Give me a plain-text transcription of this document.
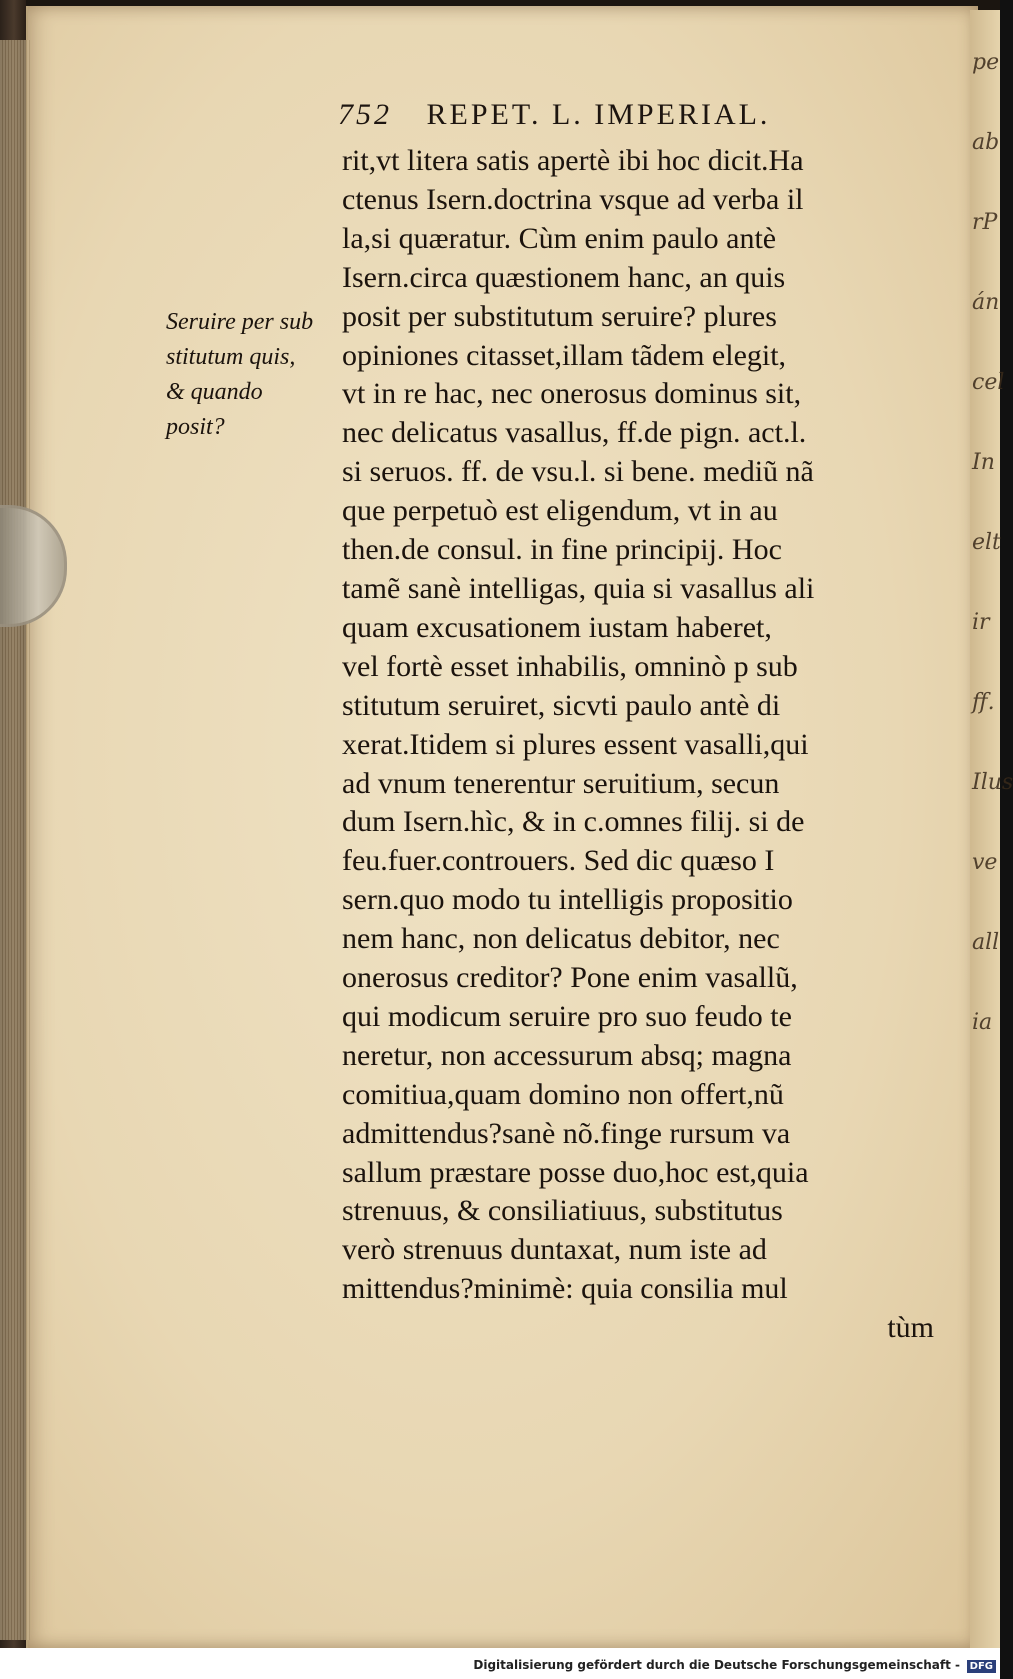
pe
ab
rP
án
cel
In
elt
ir
ff.
Ilus
ve
all
ia
752 REPET. L. IMPERIAL.
Seruire per sub
stitutum quis,
& quando
posit?
rit,vt litera satis apertè ibi hoc dicit.Ha
ctenus Isern.doctrina vsque ad verba il
la,si quæratur. Cùm enim paulo antè
Isern.circa quæstionem hanc, an quis
posit per substitutum seruire? plures
opiniones citasset,illam tãdem elegit,
vt in re hac, nec onerosus dominus sit,
nec delicatus vasallus, ff.de pign. act.l.
si seruos. ff. de vsu.l. si bene. mediũ nã
que perpetuò est eligendum, vt in au
then.de consul. in fine principij. Hoc
tamẽ sanè intelligas, quia si vasallus ali
quam excusationem iustam haberet,
vel fortè esset inhabilis, omninò p sub
stitutum seruiret, sicvti paulo antè di
xerat.Itidem si plures essent vasalli,qui
ad vnum tenerentur seruitium, secun
dum Isern.hìc, & in c.omnes filij. si de
feu.fuer.controuers. Sed dic quæso I
sern.quo modo tu intelligis propositio
nem hanc, non delicatus debitor, nec
onerosus creditor? Pone enim vasallũ,
qui modicum seruire pro suo feudo te
neretur, non accessurum absq; magna
comitiua,quam domino non offert,nũ
admittendus?sanè nõ.finge rursum va
sallum præstare posse duo,hoc est,quia
strenuus, & consiliatiuus, substitutus
verò strenuus duntaxat, num iste ad
mittendus?minimè: quia consilia mul
tùm
Digitalisierung gefördert durch die Deutsche Forschungsgemeinschaft - DFG
